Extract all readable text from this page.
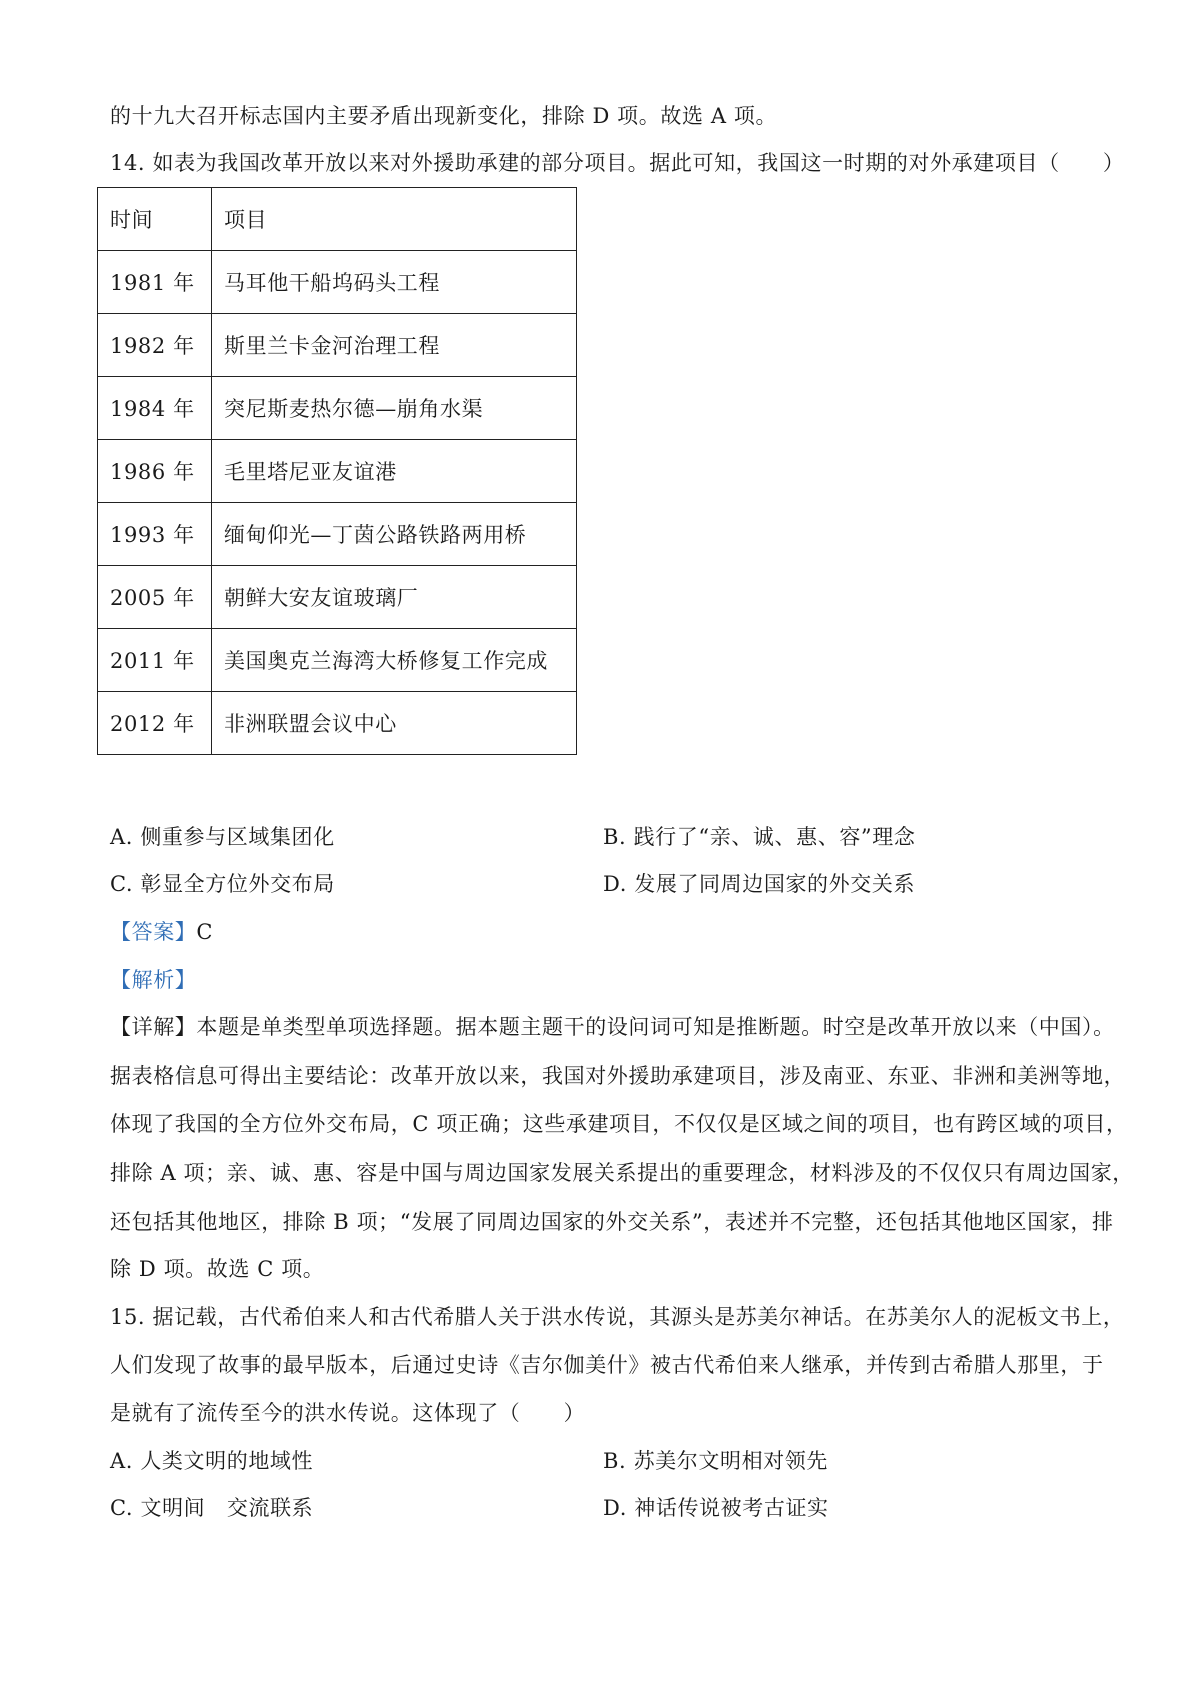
的十九大召开标志国内主要矛盾出现新变化，排除 D 项。故选 A 项。
14. 如表为我国改革开放以来对外援助承建的部分项目。据此可知，我国这一时期的对外承建项目（　　）
时间	项目
1981 年	马耳他干船坞码头工程
1982 年	斯里兰卡金河治理工程
1984 年	突尼斯麦热尔德—崩角水渠
1986 年	毛里塔尼亚友谊港
1993 年	缅甸仰光—丁茵公路铁路两用桥
2005 年	朝鲜大安友谊玻璃厂
2011 年	美国奥克兰海湾大桥修复工作完成
2012 年	非洲联盟会议中心
A. 侧重参与区域集团化	B. 践行了“亲、诚、惠、容”理念
C. 彰显全方位外交布局	D. 发展了同周边国家的外交关系
【答案】C
【解析】
【详解】本题是单类型单项选择题。据本题主题干的设问词可知是推断题。时空是改革开放以来（中国）。
据表格信息可得出主要结论：改革开放以来，我国对外援助承建项目，涉及南亚、东亚、非洲和美洲等地，
体现了我国的全方位外交布局，C 项正确；这些承建项目，不仅仅是区域之间的项目，也有跨区域的项目，
排除 A 项；亲、诚、惠、容是中国与周边国家发展关系提出的重要理念，材料涉及的不仅仅只有周边国家，
还包括其他地区，排除 B 项；“发展了同周边国家的外交关系”，表述并不完整，还包括其他地区国家，排
除 D 项。故选 C 项。
15. 据记载，古代希伯来人和古代希腊人关于洪水传说，其源头是苏美尔神话。在苏美尔人的泥板文书上，
人们发现了故事的最早版本，后通过史诗《吉尔伽美什》被古代希伯来人继承，并传到古希腊人那里，于
是就有了流传至今的洪水传说。这体现了（　　）
A. 人类文明的地域性	B. 苏美尔文明相对领先
C. 文明间　交流联系	D. 神话传说被考古证实
